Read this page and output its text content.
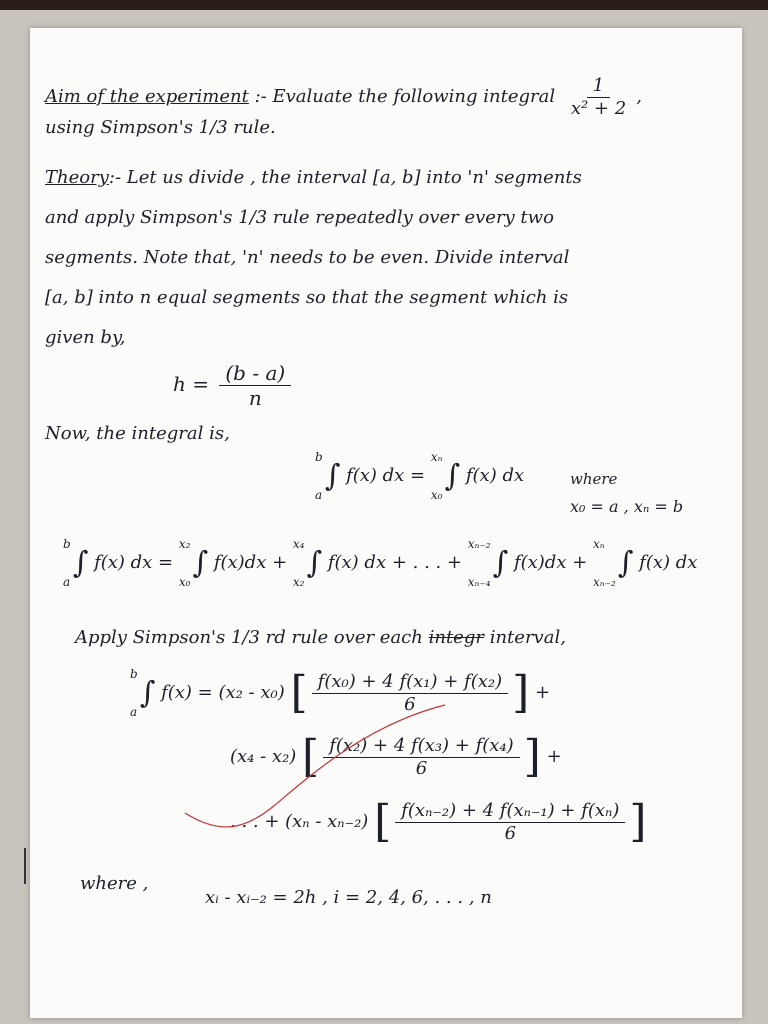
Aim of the experiment :- Evaluate the following integral $\frac{1}{\text{x² + 2}}$ ,
using Simpson's 1/3 rule.
Theory:- Let us divide , the interval [a, b] into 'n' segments
and apply Simpson's 1/3 rule repeatedly over every two
segments. Note that, 'n' needs to be even. Divide interval
[a, b] into n equal segments so that the segment which is
given by,
$h = \frac{(b - a)}{n}$
Now, the integral is,
b
a
∫ f(x) dx =
xₙ
x₀
∫ f(x) dx	where
x₀ = a , xₙ = b
b
a
∫ f(x) dx =
x₂
x₀
∫ f(x)dx +
x₄
x₂
∫ f(x) dx + . . . +
xₙ₋₂
xₙ₋₄
∫ f(x)dx +
xₙ
xₙ₋₂
∫ f(x) dx
Apply Simpson's 1/3 rd rule over each integr interval,
b
a
∫ f(x) = (x₂ - x₀) [ $\frac{\text{f(x₀) + 4 f(x₁) + f(x₂)}}{6}$ ] +
(x₄ - x₂) [ $\frac{\text{f(x₂) + 4 f(x₃) + f(x₄)}}{6}$ ] +
. . . + (xₙ - xₙ₋₂) [ $\frac{\text{f(xₙ₋₂) + 4 f(xₙ₋₁) + f(xₙ)}}{6}$ ]
where ,
xᵢ - xᵢ₋₂ = 2h , i = 2, 4, 6, . . . , n
